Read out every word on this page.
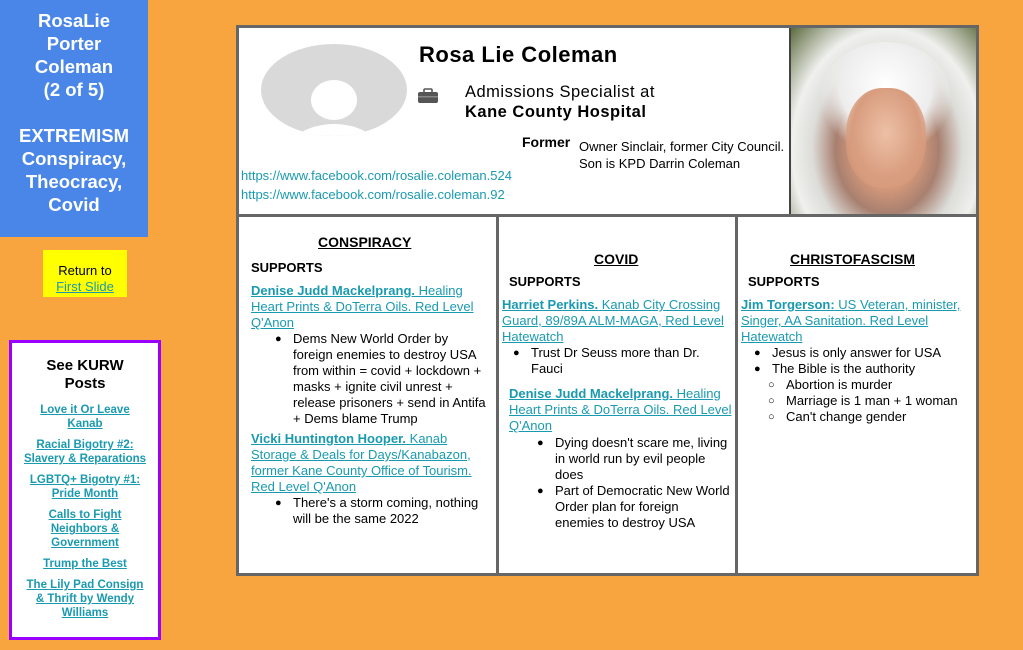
RosaLie
Porter
Coleman
(2 of 5)
EXTREMISM
Conspiracy,
Theocracy,
Covid
Return to
First Slide
See KURW
Posts
Love it Or Leave Kanab
Racial Bigotry #2: Slavery & Reparations
LGBTQ+ Bigotry #1: Pride Month
Calls to Fight Neighbors & Government
Trump the Best
The Lily Pad Consign & Thrift by Wendy Williams
Rosa Lie Coleman
Admissions Specialist at
Kane County Hospital
Former Owner Sinclair, former City Council.
Son is KPD Darrin Coleman
https://www.facebook.com/rosalie.coleman.524
https://www.facebook.com/rosalie.coleman.92
CONSPIRACY
SUPPORTS
Denise Judd Mackelprang. Healing Heart Prints & DoTerra Oils. Red Level Q'Anon
● Dems New World Order by foreign enemies to destroy USA from within = covid + lockdown + masks + ignite civil unrest + release prisoners + send in Antifa + Dems blame Trump
Vicki Huntington Hooper. Kanab Storage & Deals for Days/Kanabazon, former Kane County Office of Tourism. Red Level Q'Anon
● There's a storm coming, nothing will be the same 2022
COVID
SUPPORTS
Harriet Perkins. Kanab City Crossing Guard, 89/89A ALM-MAGA, Red Level Hatewatch
● Trust Dr Seuss more than Dr. Fauci
Denise Judd Mackelprang. Healing Heart Prints & DoTerra Oils. Red Level Q'Anon
● Dying doesn't scare me, living in world run by evil people does
● Part of Democratic New World Order plan for foreign enemies to destroy USA
CHRISTOFASCISM
SUPPORTS
Jim Torgerson: US Veteran, minister, Singer, AA Sanitation. Red Level Hatewatch
● Jesus is only answer for USA
● The Bible is the authority
○ Abortion is murder
○ Marriage is 1 man + 1 woman
○ Can't change gender
